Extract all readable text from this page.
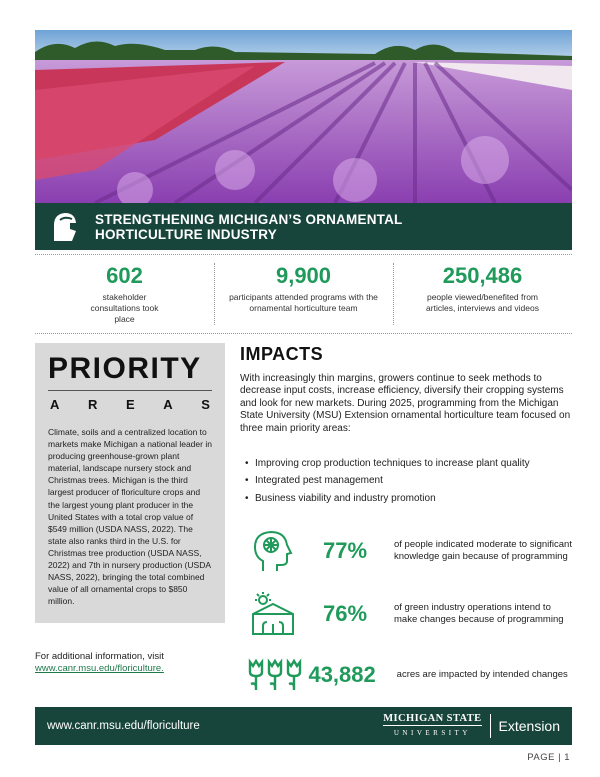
STRENGTHENING MICHIGAN’S ORNAMENTAL
HORTICULTURE INDUSTRY
602
stakeholder consultations took place
9,900
participants attended programs with the ornamental horticulture team
250,486
people viewed/benefited from articles, interviews and videos
PRIORITY
A R E A S
Climate, soils and a centralized location to markets make Michigan a national leader in producing greenhouse-grown plant material, landscape nursery stock and Christmas trees. Michigan is the third largest producer of floriculture crops and the largest young plant producer in the United States with a total crop value of $549 million (USDA NASS, 2022). The state also ranks third in the U.S. for Christmas tree production (USDA NASS, 2022) and 7th in nursery production (USDA NASS, 2022), bringing the total combined value of all ornamental crops to $850 million.
For additional information, visit
www.canr.msu.edu/floriculture.
IMPACTS
With increasingly thin margins, growers continue to seek methods to decrease input costs, increase efficiency, diversify their cropping systems and look for new markets. During 2025, programming from the Michigan State University (MSU) Extension ornamental horticulture team focused on three main priority areas:
• Improving crop production techniques to increase plant quality
• Integrated pest management
• Business viability and industry promotion
77%	of people indicated moderate to significant knowledge gain because of programming
76%	of green industry operations intend to make changes because of programming
43,882	acres are impacted by intended changes
www.canr.msu.edu/floriculture
MICHIGAN STATE
UNIVERSITY	Extension
PAGE | 1
